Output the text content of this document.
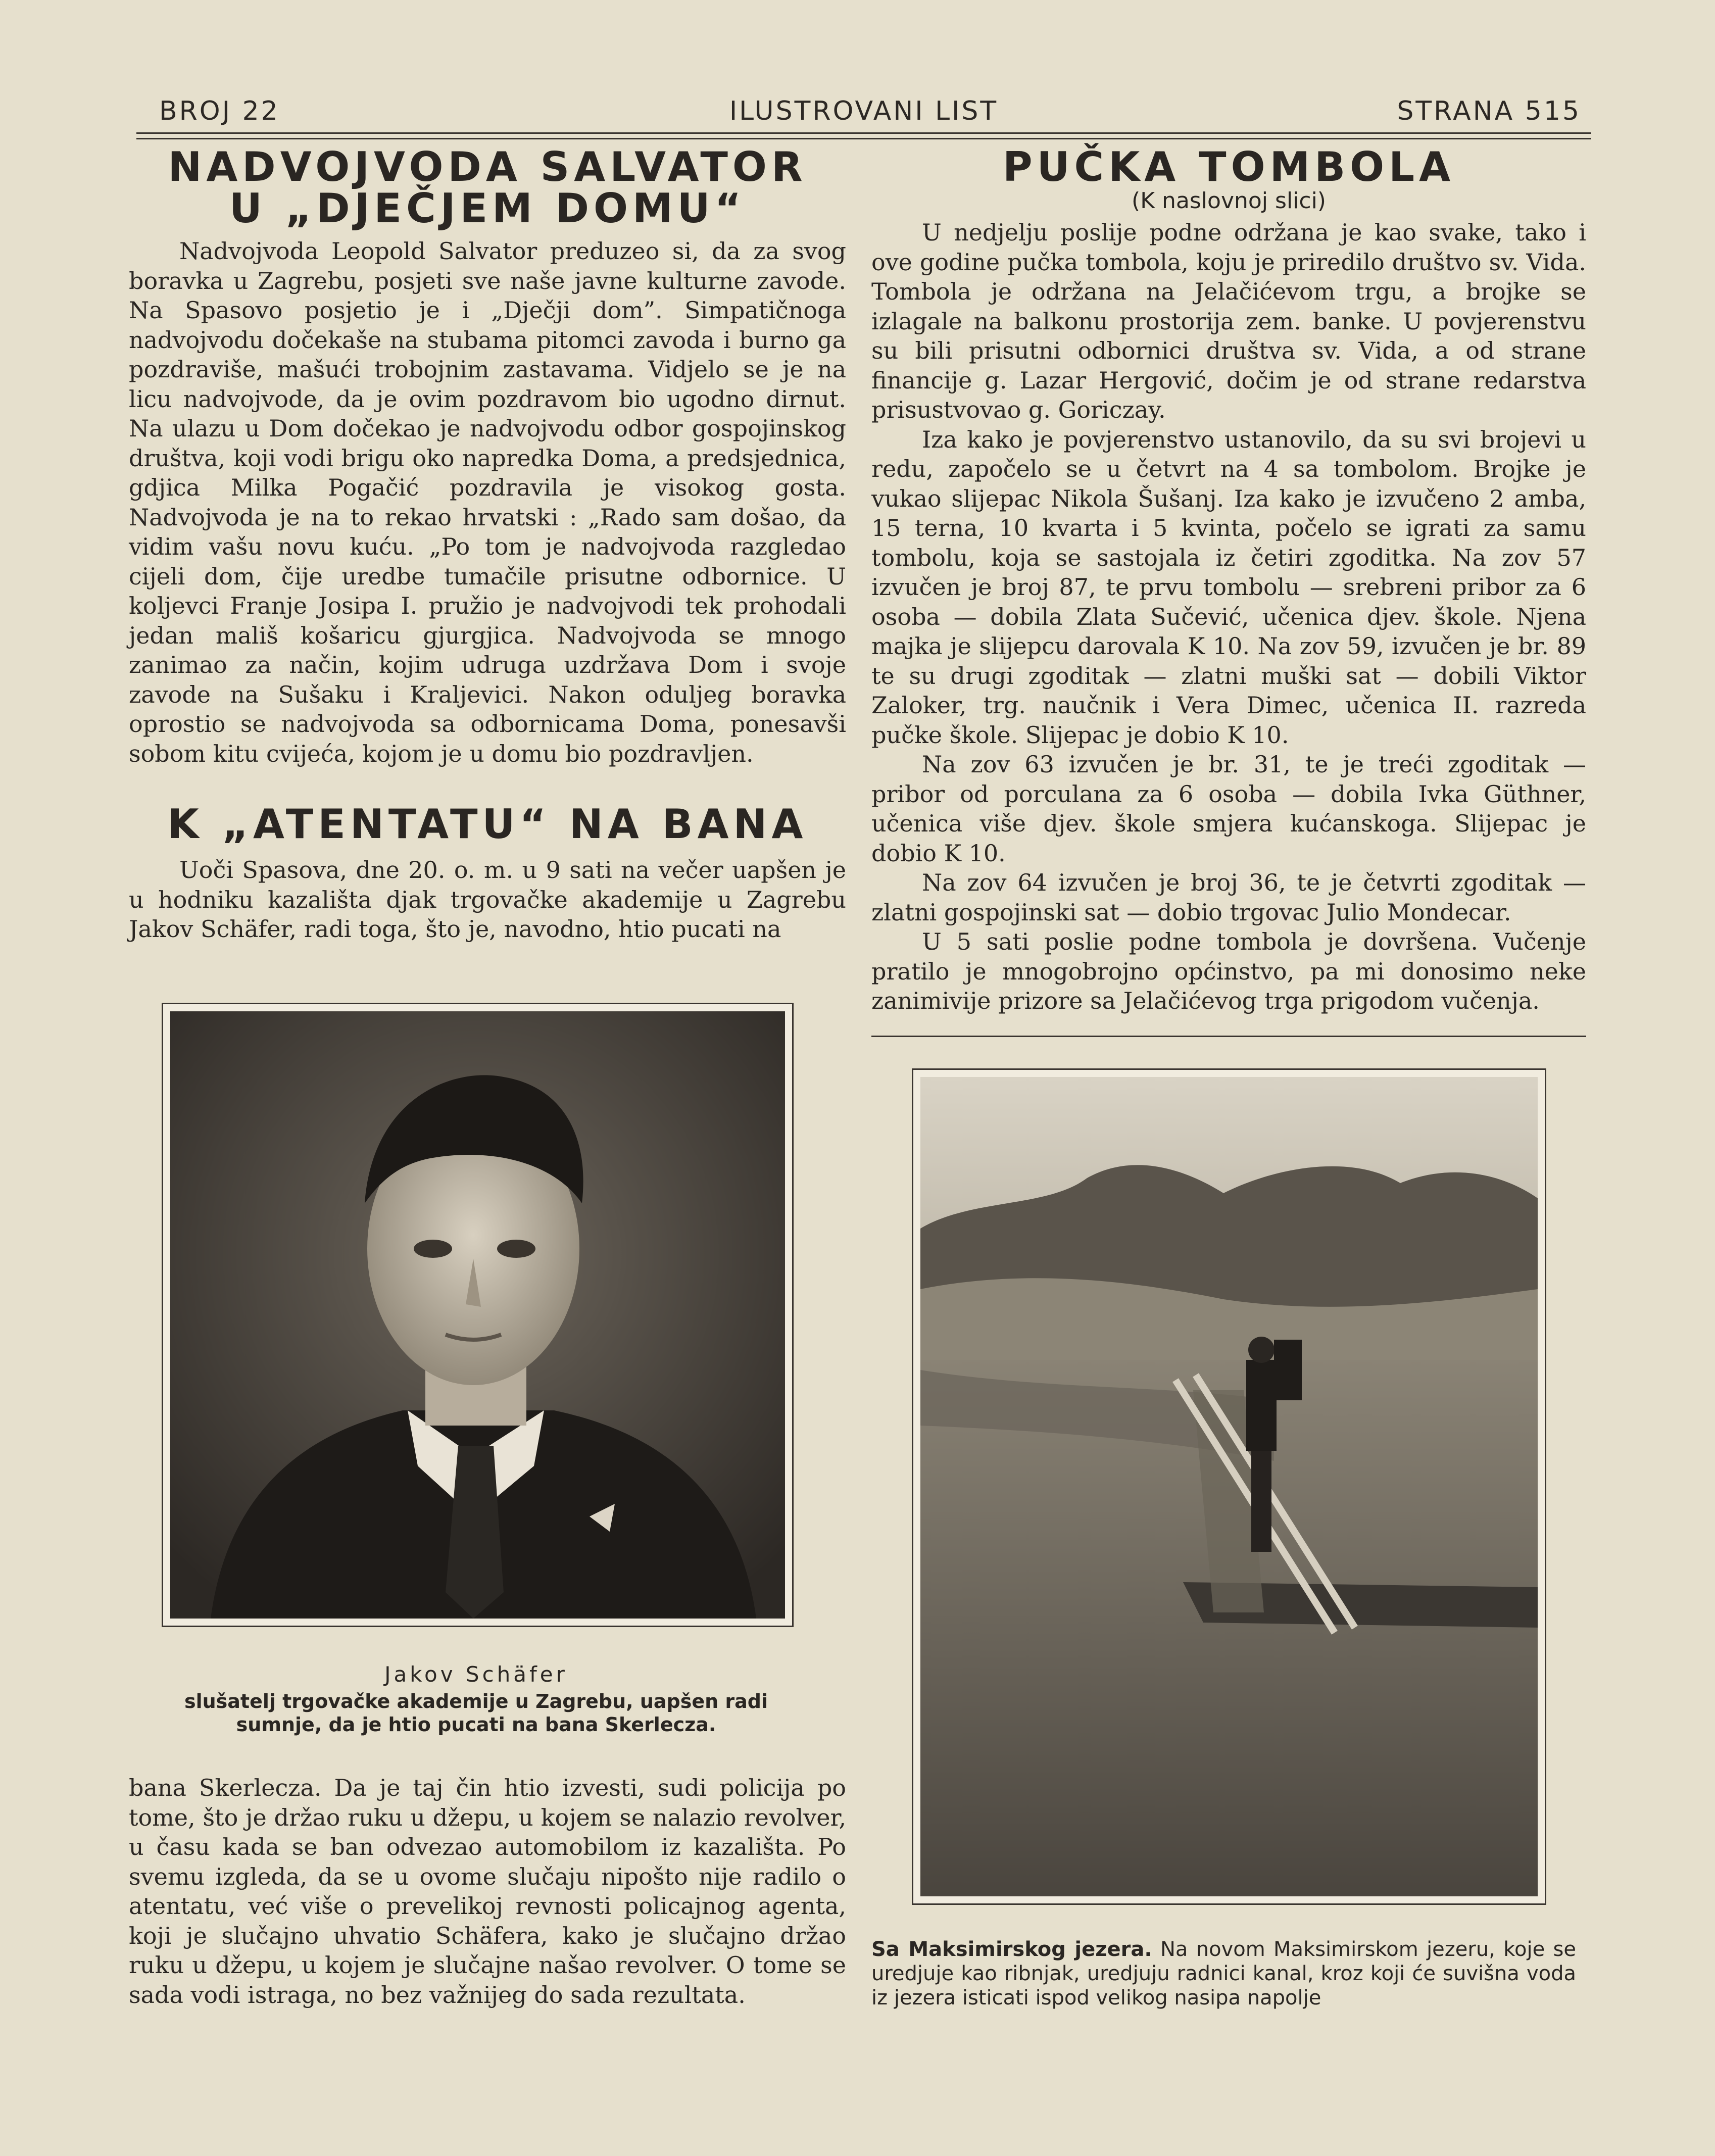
BROJ 22	ILUSTROVANI LIST	STRANA 515
NADVOJVODA SALVATOR
U „DJEČJEM DOMU“

Nadvojvoda Leopold Salvator preduzeo si, da za svog boravka u Zagrebu, posjeti sve naše javne kulturne zavode. Na Spasovo posjetio je i „Dječji dom”. Simpatičnoga nadvojvodu dočekaše na stubama pitomci zavoda i burno ga pozdraviše, mašući trobojnim zastavama. Vidjelo se je na licu nadvojvode, da je ovim pozdravom bio ugodno dirnut. Na ulazu u Dom dočekao je nadvojvodu odbor gospojinskog društva, koji vodi brigu oko napredka Doma, a predsjednica, gdjica Milka Pogačić pozdravila je visokog gosta. Nadvojvoda je na to rekao hrvatski : „Rado sam došao, da vidim vašu novu kuću. „Po tom je nadvojvoda razgledao cijeli dom, čije uredbe tumačile prisutne odbornice. U koljevci Franje Josipa I. pružio je nadvojvodi tek prohodali jedan mališ košaricu gjurgjica. Nadvojvoda se mnogo zanimao za način, kojim udruga uzdržava Dom i svoje zavode na Sušaku i Kraljevici. Nakon oduljeg boravka oprostio se nadvojvoda sa odbornicama Doma, ponesavši sobom kitu cvijeća, kojom je u domu bio pozdravljen.

K „ATENTATU“ NA BANA

Uoči Spasova, dne 20. o. m. u 9 sati na večer uapšen je u hodniku kazališta djak trgovačke akademije u Zagrebu Jakov Schäfer, radi toga, što je, navodno, htio pucati na

Jakov Schäfer
slušatelj trgovačke akademije u Zagrebu, uapšen radi sumnje, da je htio pucati na bana Skerlecza.

bana Skerlecza. Da je taj čin htio izvesti, sudi policija po tome, što je držao ruku u džepu, u kojem se nalazio revolver, u času kada se ban odvezao automobilom iz kazališta. Po svemu izgleda, da se u ovome slučaju nipošto nije radilo o atentatu, već više o prevelikoj revnosti policajnog agenta, koji je slučajno uhvatio Schäfera, kako je slučajno držao ruku u džepu, u kojem je slučajne našao revolver. O tome se sada vodi istraga, no bez važnijeg do sada rezultata.

PUČKA TOMBOLA

(K naslovnoj slici)

U nedjelju poslije podne održana je kao svake, tako i ove godine pučka tombola, koju je priredilo društvo sv. Vida. Tombola je održana na Jelačićevom trgu, a brojke se izlagale na balkonu prostorija zem. banke. U povjerenstvu su bili prisutni odbornici društva sv. Vida, a od strane financije g. Lazar Hergović, dočim je od strane redarstva prisustvovao g. Goriczay.

Iza kako je povjerenstvo ustanovilo, da su svi brojevi u redu, započelo se u četvrt na 4 sa tombolom. Brojke je vukao slijepac Nikola Šušanj. Iza kako je izvučeno 2 amba, 15 terna, 10 kvarta i 5 kvinta, počelo se igrati za samu tombolu, koja se sastojala iz četiri zgoditka. Na zov 57 izvučen je broj 87, te prvu tombolu — srebreni pribor za 6 osoba — dobila Zlata Sučević, učenica djev. škole. Njena majka je slijepcu darovala K 10. Na zov 59, izvučen je br. 89 te su drugi zgoditak — zlatni muški sat — dobili Viktor Zaloker, trg. naučnik i Vera Dimec, učenica II. razreda pučke škole. Slijepac je dobio K 10.

Na zov 63 izvučen je br. 31, te je treći zgoditak — pribor od porculana za 6 osoba — dobila Ivka Güthner, učenica više djev. škole smjera kućanskoga. Slijepac je dobio K 10.

Na zov 64 izvučen je broj 36, te je četvrti zgoditak — zlatni gospojinski sat — dobio trgovac Julio Mondecar.

U 5 sati poslie podne tombola je dovršena. Vučenje pratilo je mnogobrojno općinstvo, pa mi donosimo neke zanimivije prizore sa Jelačićevog trga prigodom vučenja.

Sa Maksimirskog jezera. Na novom Maksimirskom jezeru, koje se uredjuje kao ribnjak, uredjuju radnici kanal, kroz koji će suvišna voda iz jezera isticati ispod velikog nasipa napolje
